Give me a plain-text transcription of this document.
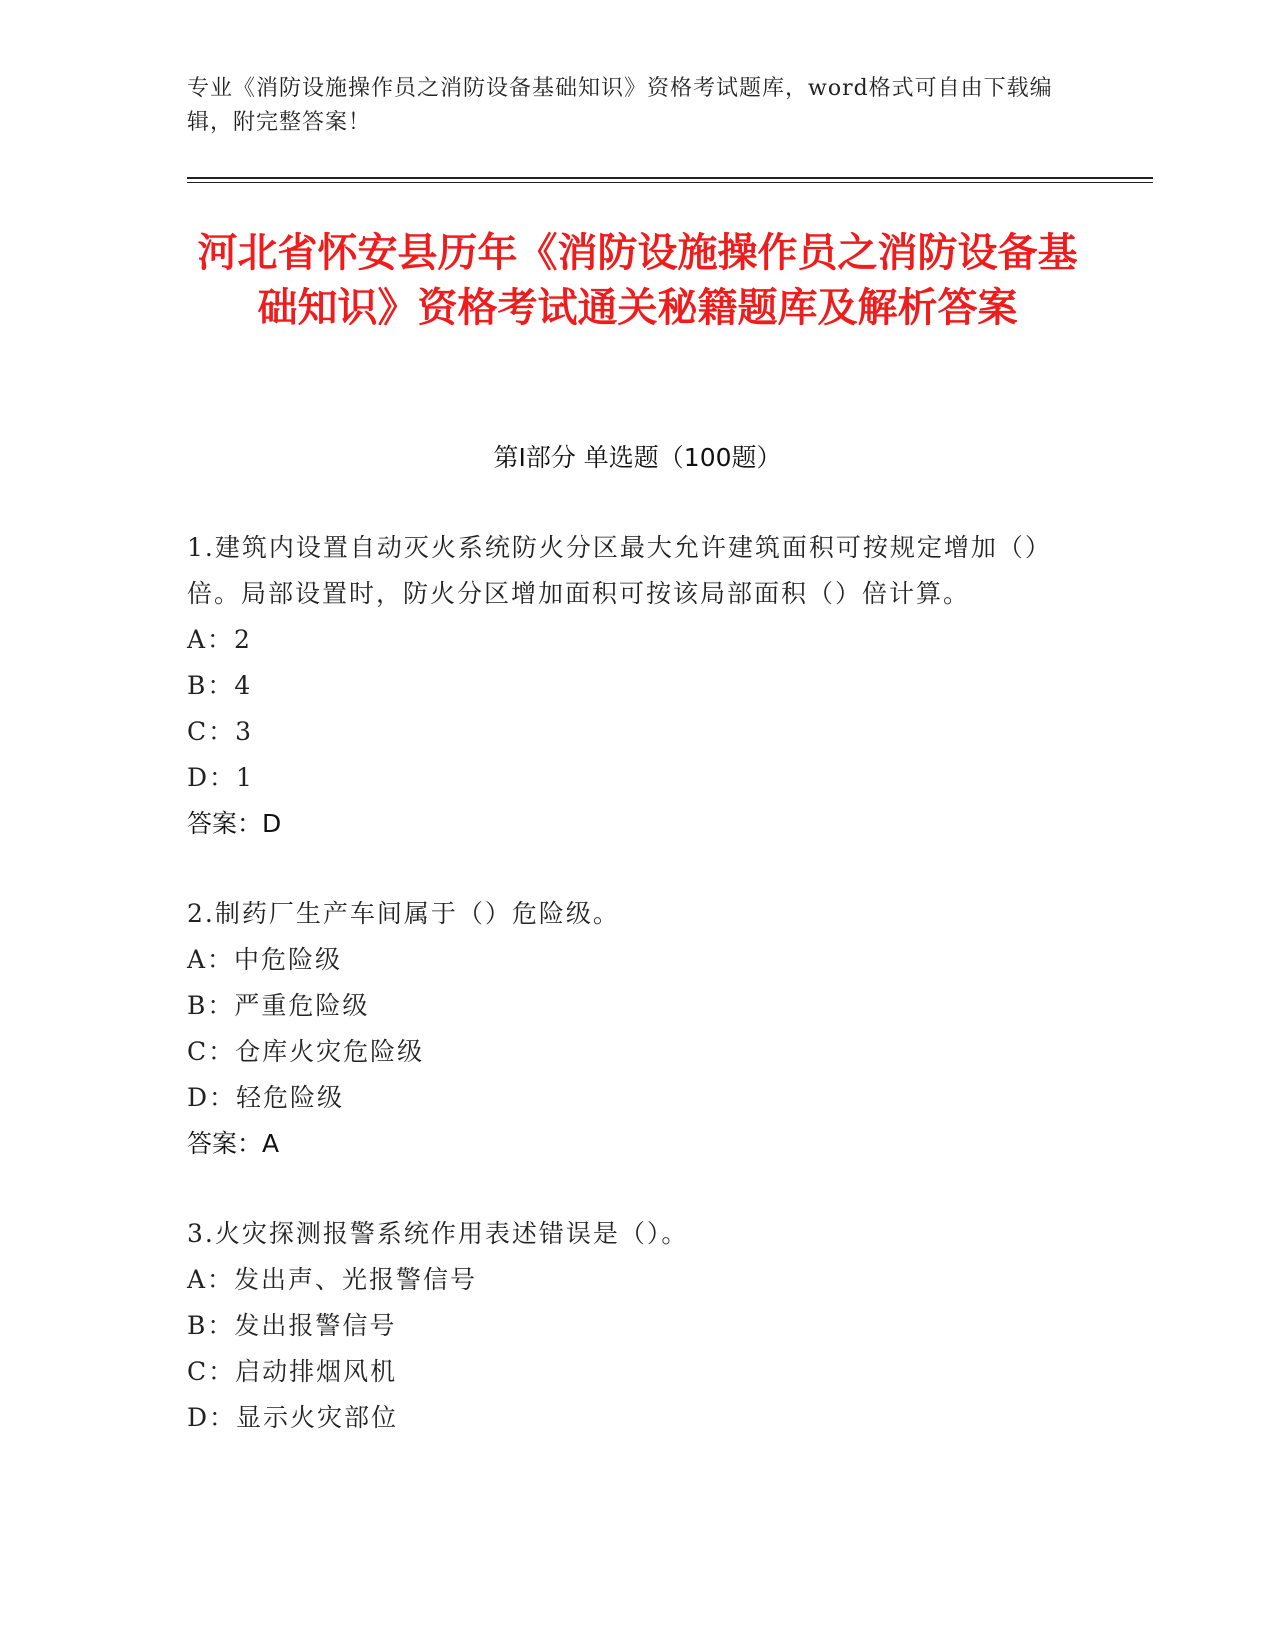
专业《消防设施操作员之消防设备基础知识》资格考试题库，word格式可自由下载编辑，附完整答案！
河北省怀安县历年《消防设施操作员之消防设备基础知识》资格考试通关秘籍题库及解析答案
第Ⅰ部分 单选题（100题）
1.建筑内设置自动灭火系统防火分区最大允许建筑面积可按规定增加（）倍。局部设置时，防火分区增加面积可按该局部面积（）倍计算。
A：2
B：4
C：3
D：1
答案：D
2.制药厂生产车间属于（）危险级。
A：中危险级
B：严重危险级
C：仓库火灾危险级
D：轻危险级
答案：A
3.火灾探测报警系统作用表述错误是（）。
A：发出声、光报警信号
B：发出报警信号
C：启动排烟风机
D：显示火灾部位
